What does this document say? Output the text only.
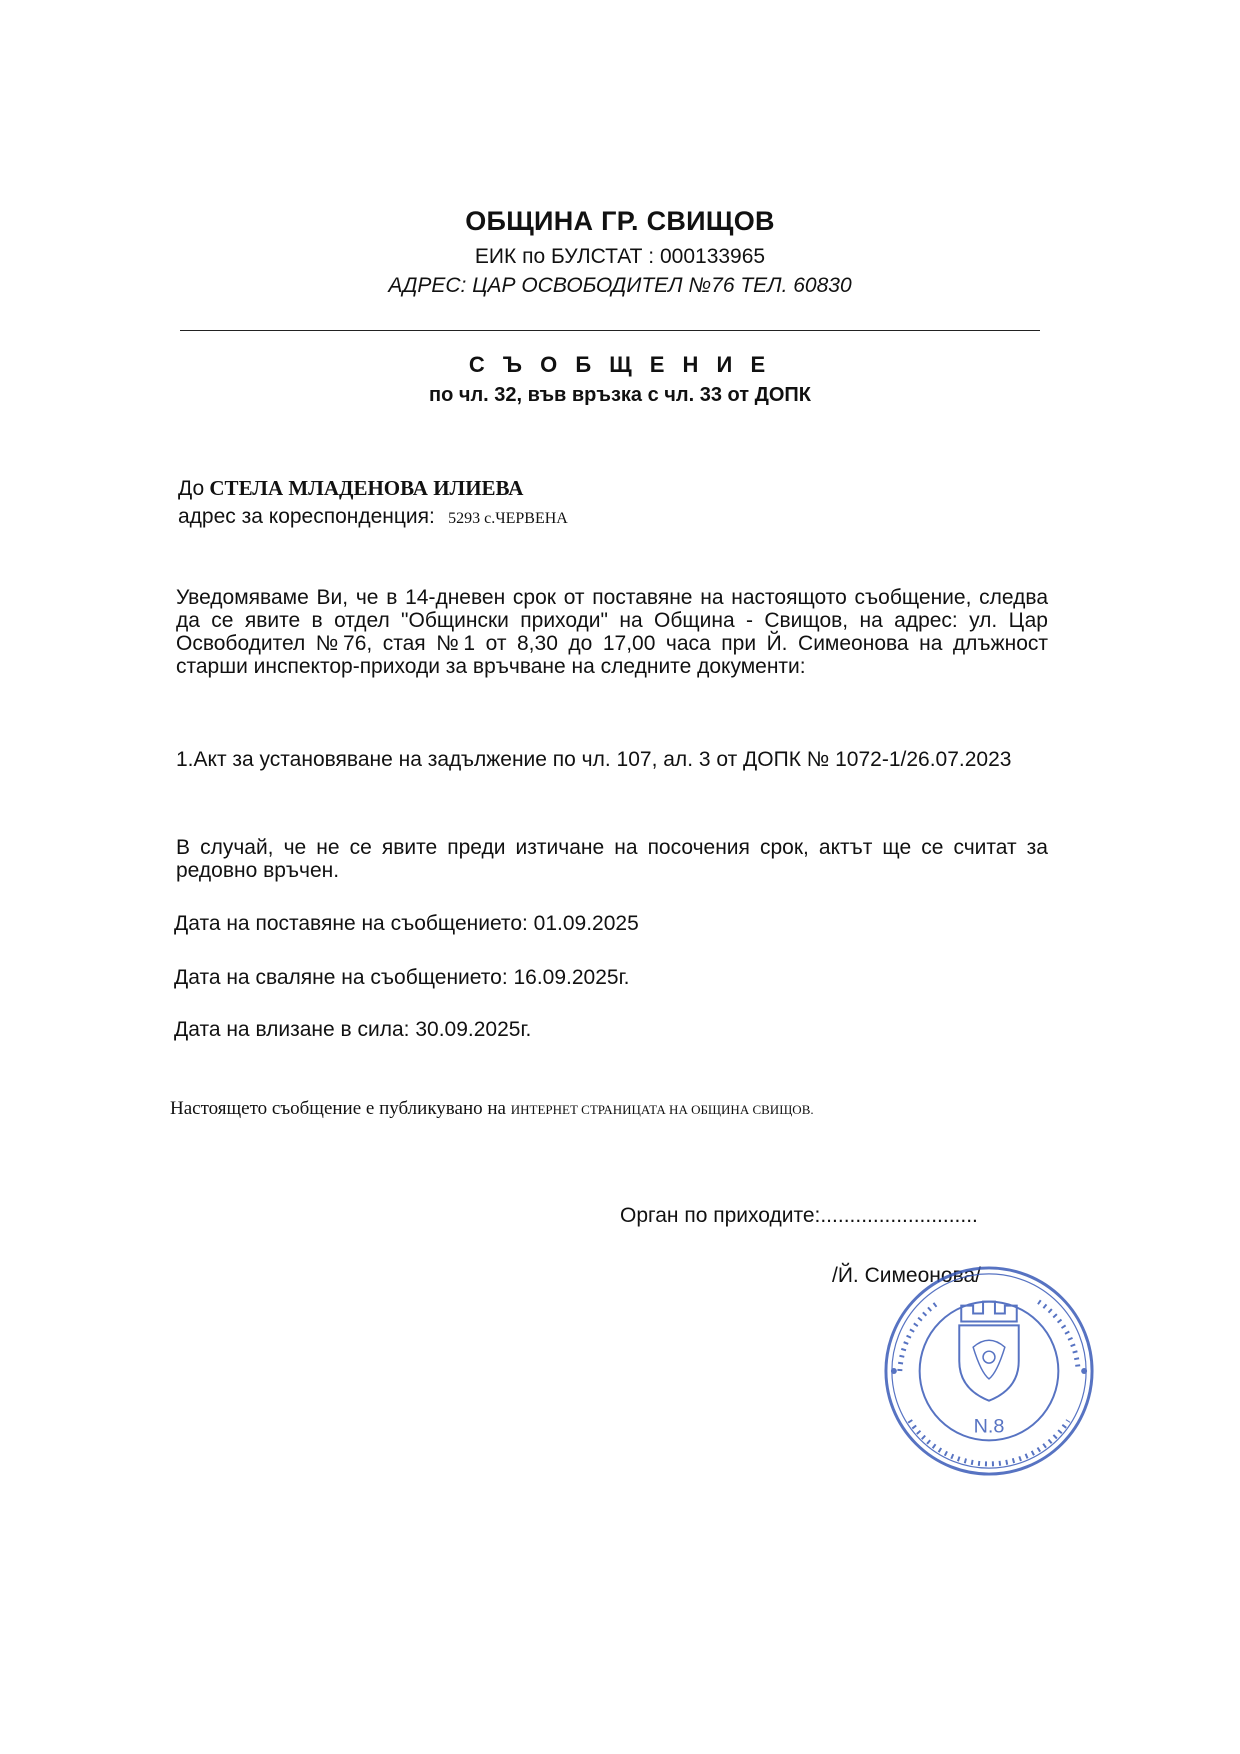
ОБЩИНА ГР. СВИЩОВ
ЕИК по БУЛСТАТ : 000133965
АДРЕС: ЦАР ОСВОБОДИТЕЛ №76 ТЕЛ. 60830
С Ъ О Б Щ Е Н И Е
по чл. 32, във връзка с чл. 33 от ДОПК
До СТЕЛА МЛАДЕНОВА ИЛИЕВА
адрес за кореспонденция: 5293 с.ЧЕРВЕНА
Уведомяваме Ви, че в 14-дневен срок от поставяне на настоящото съобщение, следва да се явите в отдел "Общински приходи" на Община - Свищов, на адрес: ул. Цар Освободител №76, стая №1 от 8,30 до 17,00 часа при Й. Симеонова на длъжност старши инспектор-приходи за връчване на следните документи:
1.Акт за установяване на задължение по чл. 107, ал. 3 от ДОПК № 1072-1/26.07.2023
В случай, че не се явите преди изтичане на посочения срок, актът ще се считат за редовно връчен.
Дата на поставяне на съобщението: 01.09.2025
Дата на сваляне на съобщението: 16.09.2025г.
Дата на влизане в сила: 30.09.2025г.
Настоящето съобщение е публикувано на ИНТЕРНЕТ СТРАНИЦАТА НА ОБЩИНА СВИЩОВ.
Орган по приходите:...........................
/Й. Симеонова/
N.8
